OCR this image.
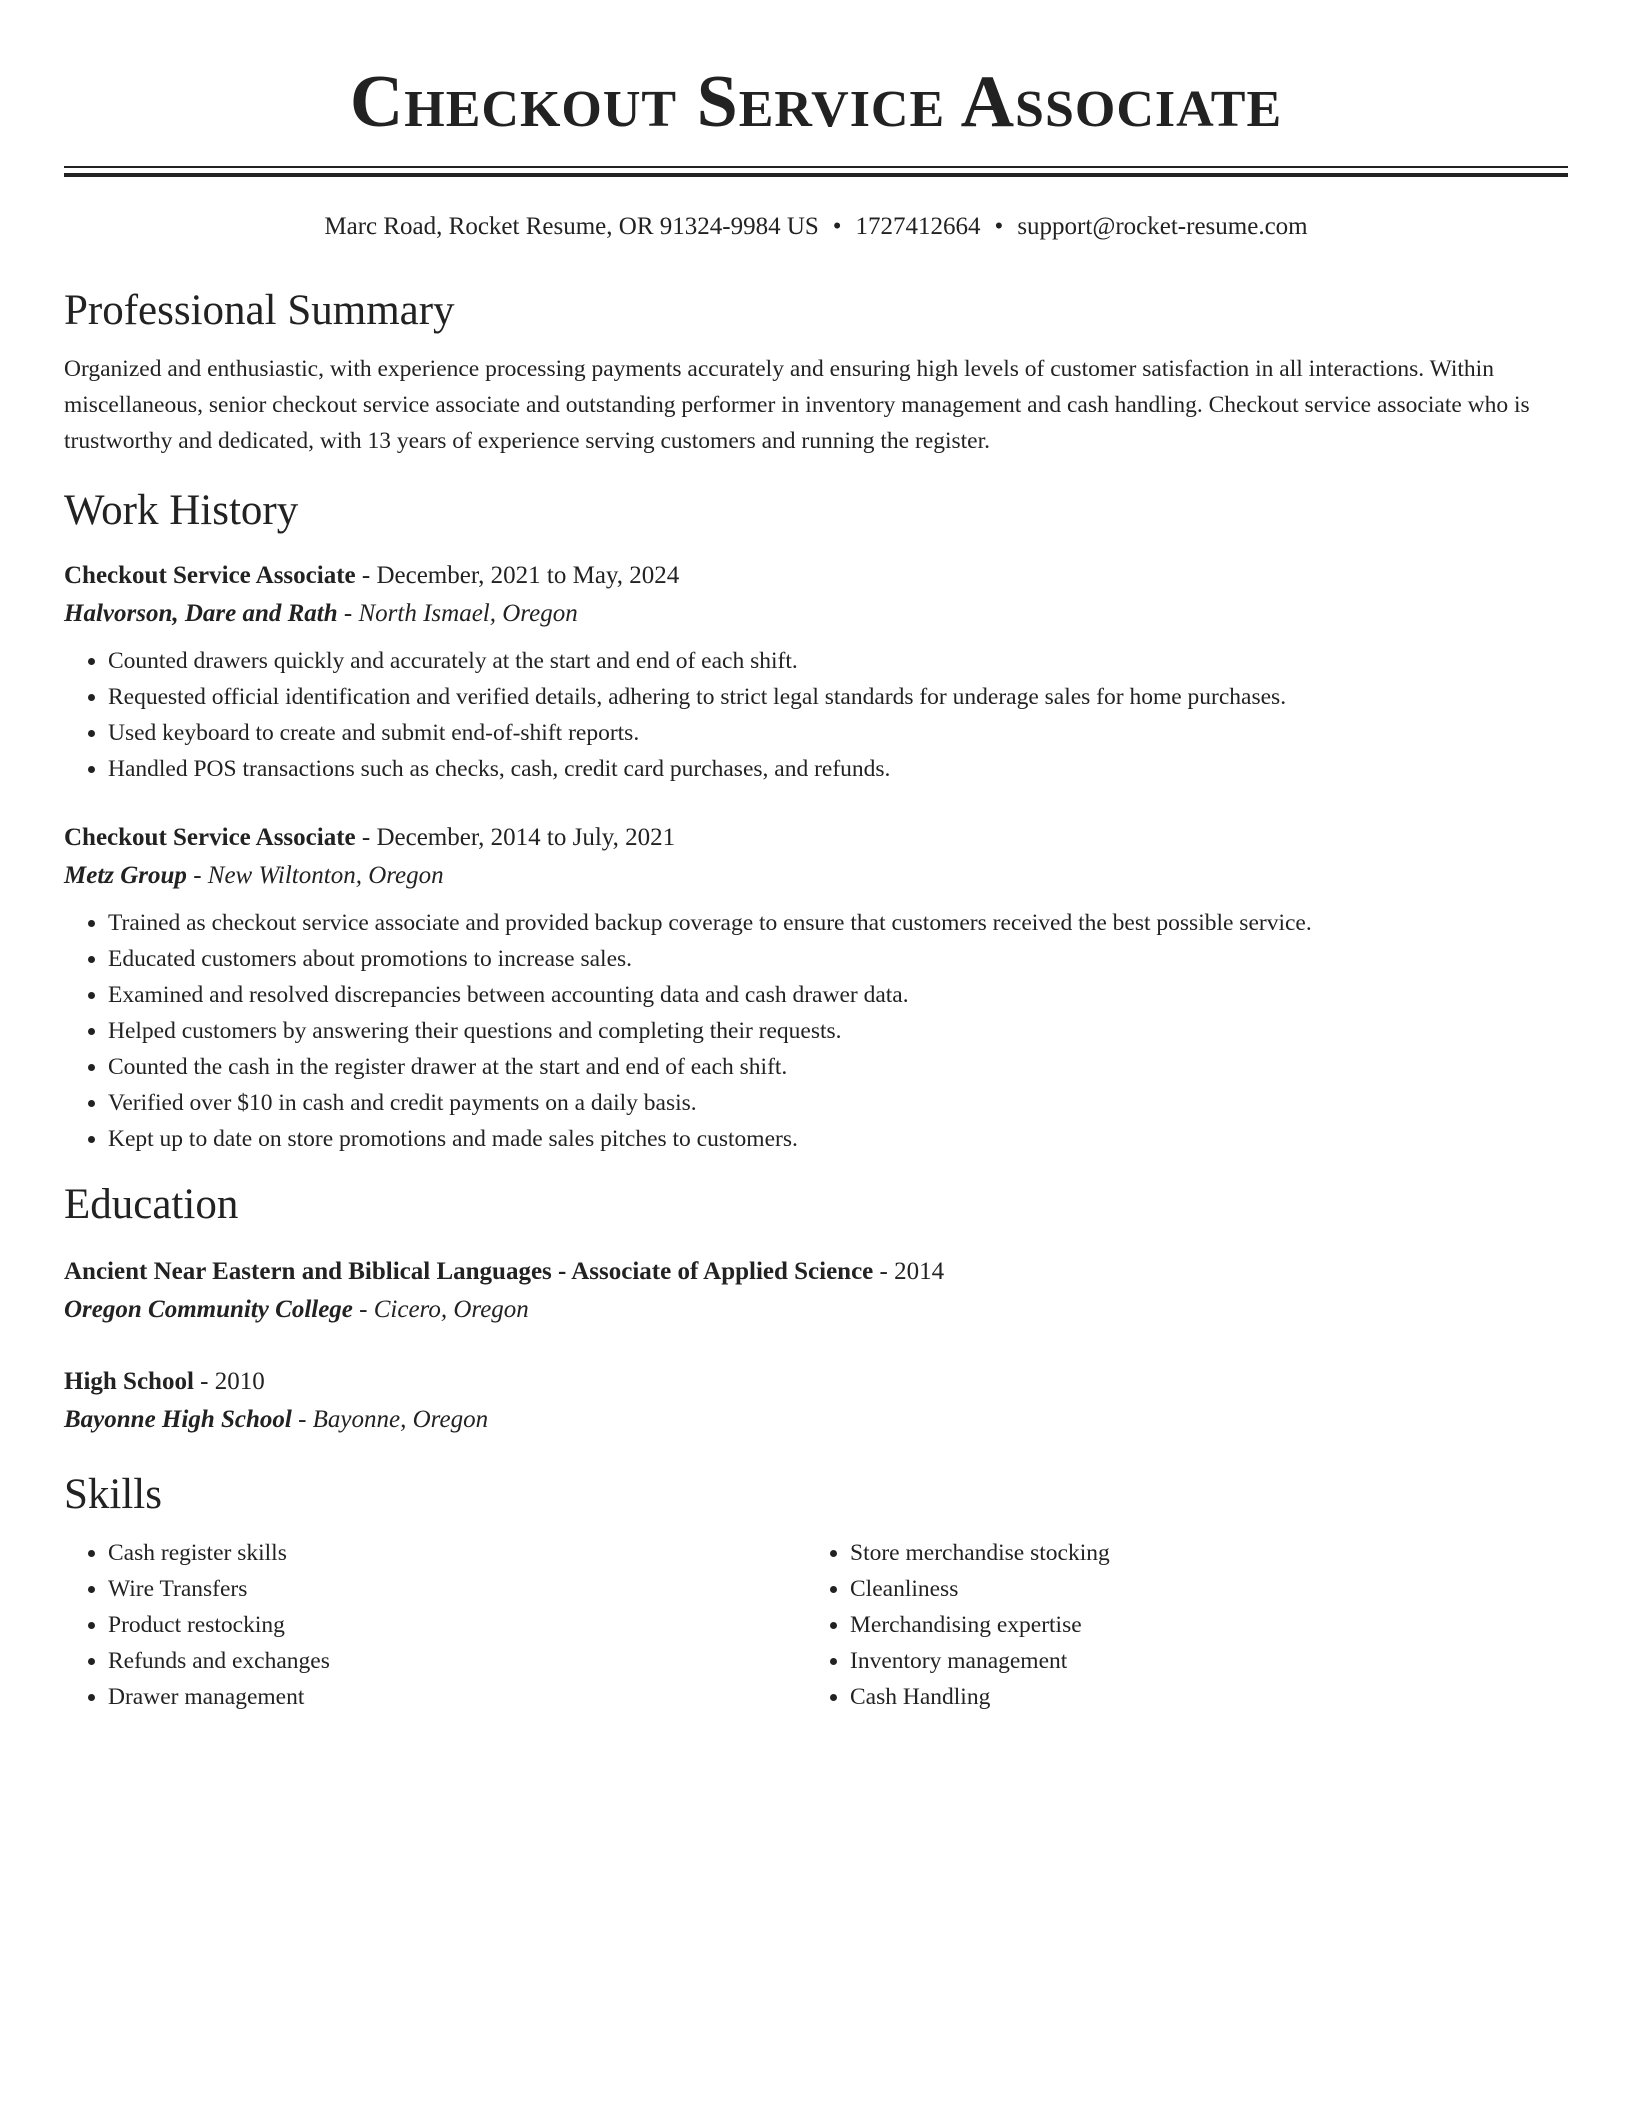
Checkout Service Associate
Marc Road, Rocket Resume, OR 91324-9984 US • 1727412664 • support@rocket-resume.com
Professional Summary
Organized and enthusiastic, with experience processing payments accurately and ensuring high levels of customer satisfaction in all interactions. Within miscellaneous, senior checkout service associate and outstanding performer in inventory management and cash handling. Checkout service associate who is trustworthy and dedicated, with 13 years of experience serving customers and running the register.
Work History
Checkout Service Associate - December, 2021 to May, 2024
Halvorson, Dare and Rath - North Ismael, Oregon
• Counted drawers quickly and accurately at the start and end of each shift.
• Requested official identification and verified details, adhering to strict legal standards for underage sales for home purchases.
• Used keyboard to create and submit end-of-shift reports.
• Handled POS transactions such as checks, cash, credit card purchases, and refunds.
Checkout Service Associate - December, 2014 to July, 2021
Metz Group - New Wiltonton, Oregon
• Trained as checkout service associate and provided backup coverage to ensure that customers received the best possible service.
• Educated customers about promotions to increase sales.
• Examined and resolved discrepancies between accounting data and cash drawer data.
• Helped customers by answering their questions and completing their requests.
• Counted the cash in the register drawer at the start and end of each shift.
• Verified over $10 in cash and credit payments on a daily basis.
• Kept up to date on store promotions and made sales pitches to customers.
Education
Ancient Near Eastern and Biblical Languages - Associate of Applied Science - 2014
Oregon Community College - Cicero, Oregon
High School - 2010
Bayonne High School - Bayonne, Oregon
Skills
• Cash register skills
• Wire Transfers
• Product restocking
• Refunds and exchanges
• Drawer management
• Store merchandise stocking
• Cleanliness
• Merchandising expertise
• Inventory management
• Cash Handling
